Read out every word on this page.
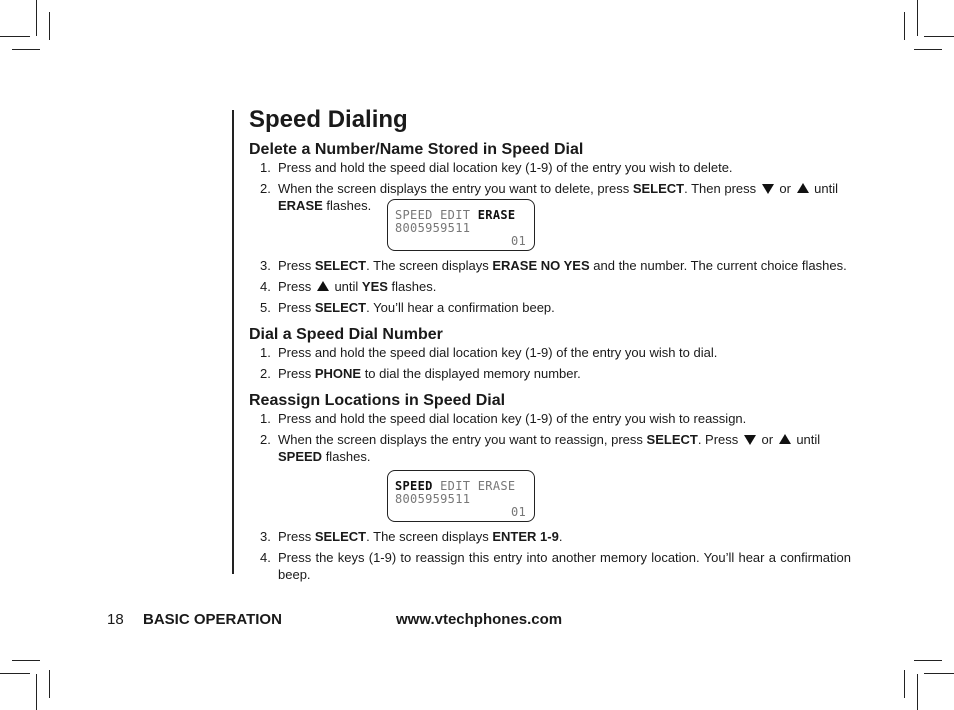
Speed Dialing
Delete a Number/Name Stored in Speed Dial
1. Press and hold the speed dial location key (1-9) of the entry you wish to delete.
2. When the screen displays the entry you want to delete, press SELECT. Then press  or  until
ERASE flashes.
SPEED EDIT ERASE
8005959511
01
3. Press SELECT. The screen displays ERASE NO YES and the number. The current choice flashes.
4. Press  until YES flashes.
5. Press SELECT. You’ll hear a confirmation beep.
Dial a Speed Dial Number
1. Press and hold the speed dial location key (1-9) of the entry you wish to dial.
2. Press PHONE to dial the displayed memory number.
Reassign Locations in Speed Dial
1. Press and hold the speed dial location key (1-9) of the entry you wish to reassign.
2. When the screen displays the entry you want to reassign, press SELECT. Press  or  until
SPEED flashes.
SPEED EDIT ERASE
8005959511
01
3. Press SELECT. The screen displays ENTER 1-9.
4. Press the keys (1-9) to reassign this entry into another memory location. You’ll hear a confirmation beep.
18 BASIC OPERATION	www.vtechphones.com
